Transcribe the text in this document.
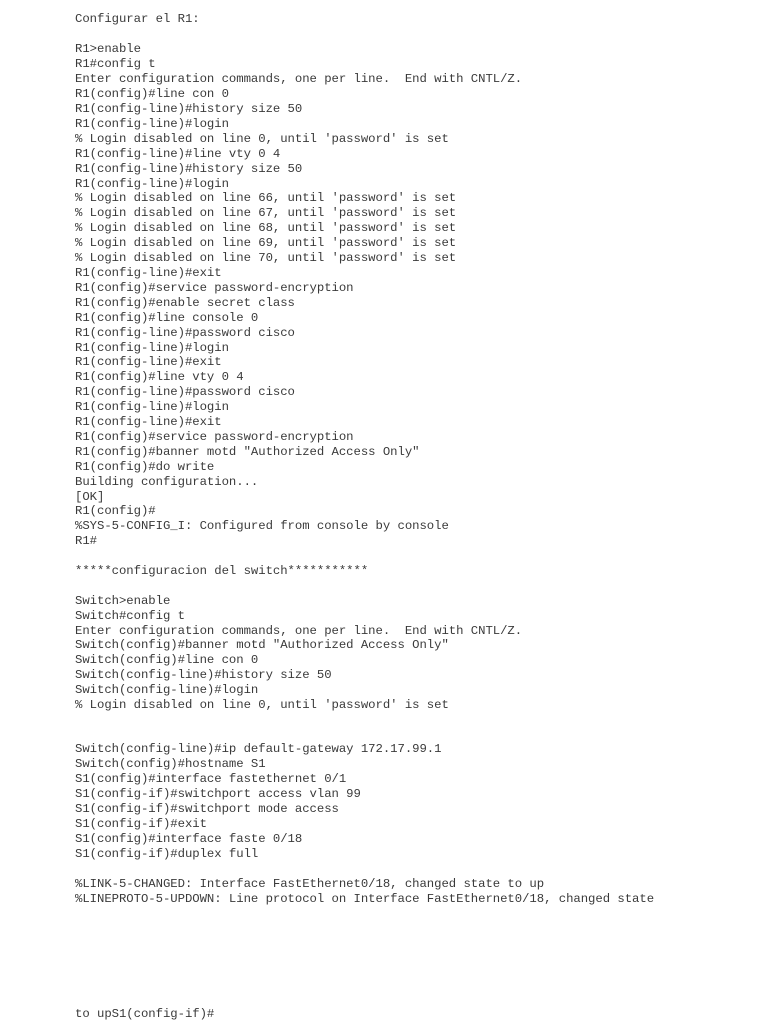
Configurar el R1:

R1>enable

R1#config t

Enter configuration commands, one per line.  End with CNTL/Z.

R1(config)#line con 0

R1(config-line)#history size 50

R1(config-line)#login

% Login disabled on line 0, until 'password' is set

R1(config-line)#line vty 0 4

R1(config-line)#history size 50

R1(config-line)#login

% Login disabled on line 66, until 'password' is set

% Login disabled on line 67, until 'password' is set

% Login disabled on line 68, until 'password' is set

% Login disabled on line 69, until 'password' is set

% Login disabled on line 70, until 'password' is set

R1(config-line)#exit

R1(config)#service password-encryption

R1(config)#enable secret class

R1(config)#line console 0

R1(config-line)#password cisco

R1(config-line)#login

R1(config-line)#exit

R1(config)#line vty 0 4

R1(config-line)#password cisco

R1(config-line)#login

R1(config-line)#exit

R1(config)#service password-encryption

R1(config)#banner motd "Authorized Access Only"

R1(config)#do write

Building configuration...

[OK]

R1(config)#

%SYS-5-CONFIG_I: Configured from console by console

R1#

*****configuracion del switch***********

Switch>enable

Switch#config t

Enter configuration commands, one per line.  End with CNTL/Z.

Switch(config)#banner motd "Authorized Access Only"

Switch(config)#line con 0

Switch(config-line)#history size 50

Switch(config-line)#login

% Login disabled on line 0, until 'password' is set

Switch(config-line)#ip default-gateway 172.17.99.1

Switch(config)#hostname S1

S1(config)#interface fastethernet 0/1

S1(config-if)#switchport access vlan 99

S1(config-if)#switchport mode access

S1(config-if)#exit

S1(config)#interface faste 0/18

S1(config-if)#duplex full

%LINK-5-CHANGED: Interface FastEthernet0/18, changed state to up

%LINEPROTO-5-UPDOWN: Line protocol on Interface FastEthernet0/18, changed state

to upS1(config-if)#
